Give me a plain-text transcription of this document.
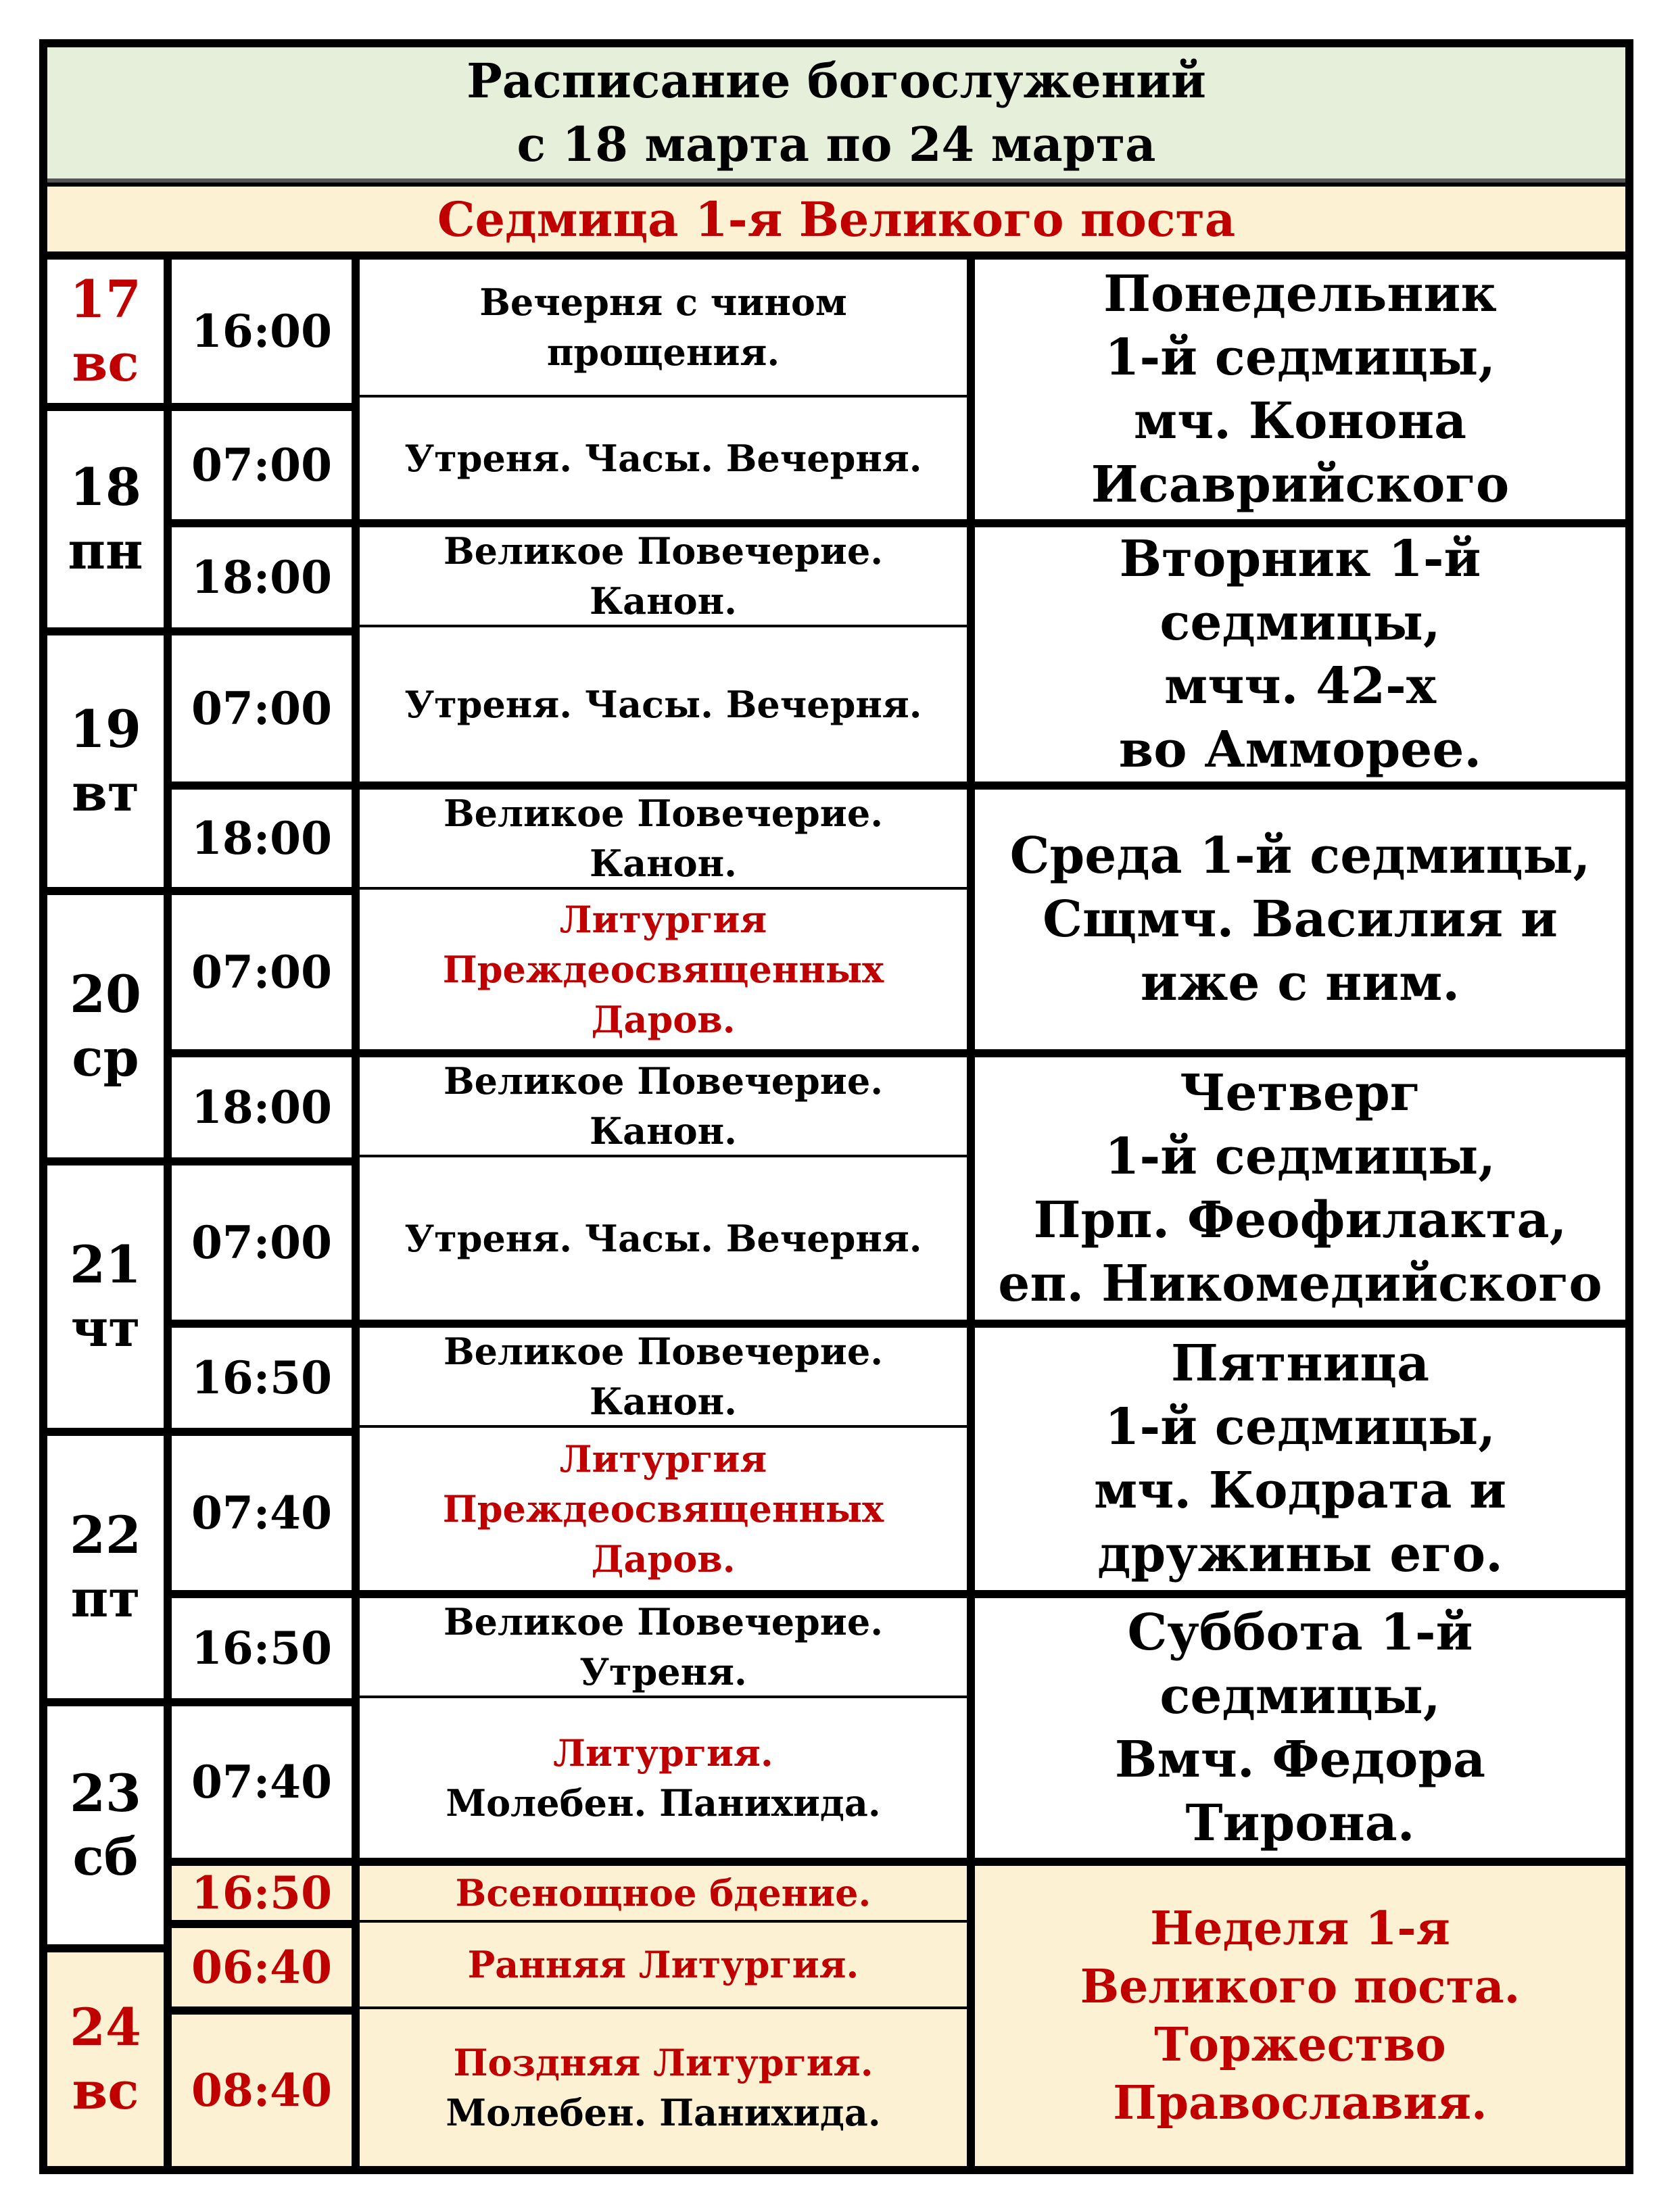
Расписание богослужений
с 18 марта по 24 марта
Седмица 1-я Великого поста
17
вс
18
пн
19
вт
20
ср
21
чт
22
пт
23
сб
24
вс
16:00
07:00
18:00
07:00
18:00
07:00
18:00
07:00
16:50
07:40
16:50
07:40
16:50
06:40
08:40
Вечерня с чином
прощения.
Утреня. Часы. Вечерня.
Великое Повечерие.
Канон.
Утреня. Часы. Вечерня.
Великое Повечерие.
Канон.
Литургия
Преждеосвященных
Даров.
Великое Повечерие.
Канон.
Утреня. Часы. Вечерня.
Великое Повечерие.
Канон.
Литургия
Преждеосвященных
Даров.
Великое Повечерие.
Утреня.
Литургия.
Молебен. Панихида.
Всенощное бдение.
Ранняя Литургия.
Поздняя Литургия.
Молебен. Панихида.
Понедельник
1-й седмицы,
мч. Конона
Исаврийского
Вторник 1-й
седмицы,
мчч. 42-х
во Амморее.
Среда 1-й седмицы,
Сщмч. Василия и
иже с ним.
Четверг
1-й седмицы,
Прп. Феофилакта,
еп. Никомедийского
Пятница
1-й седмицы,
мч. Кодрата и
дружины его.
Суббота 1-й
седмицы,
Вмч. Федора
Тирона.
Неделя 1-я
Великого поста.
Торжество
Православия.
